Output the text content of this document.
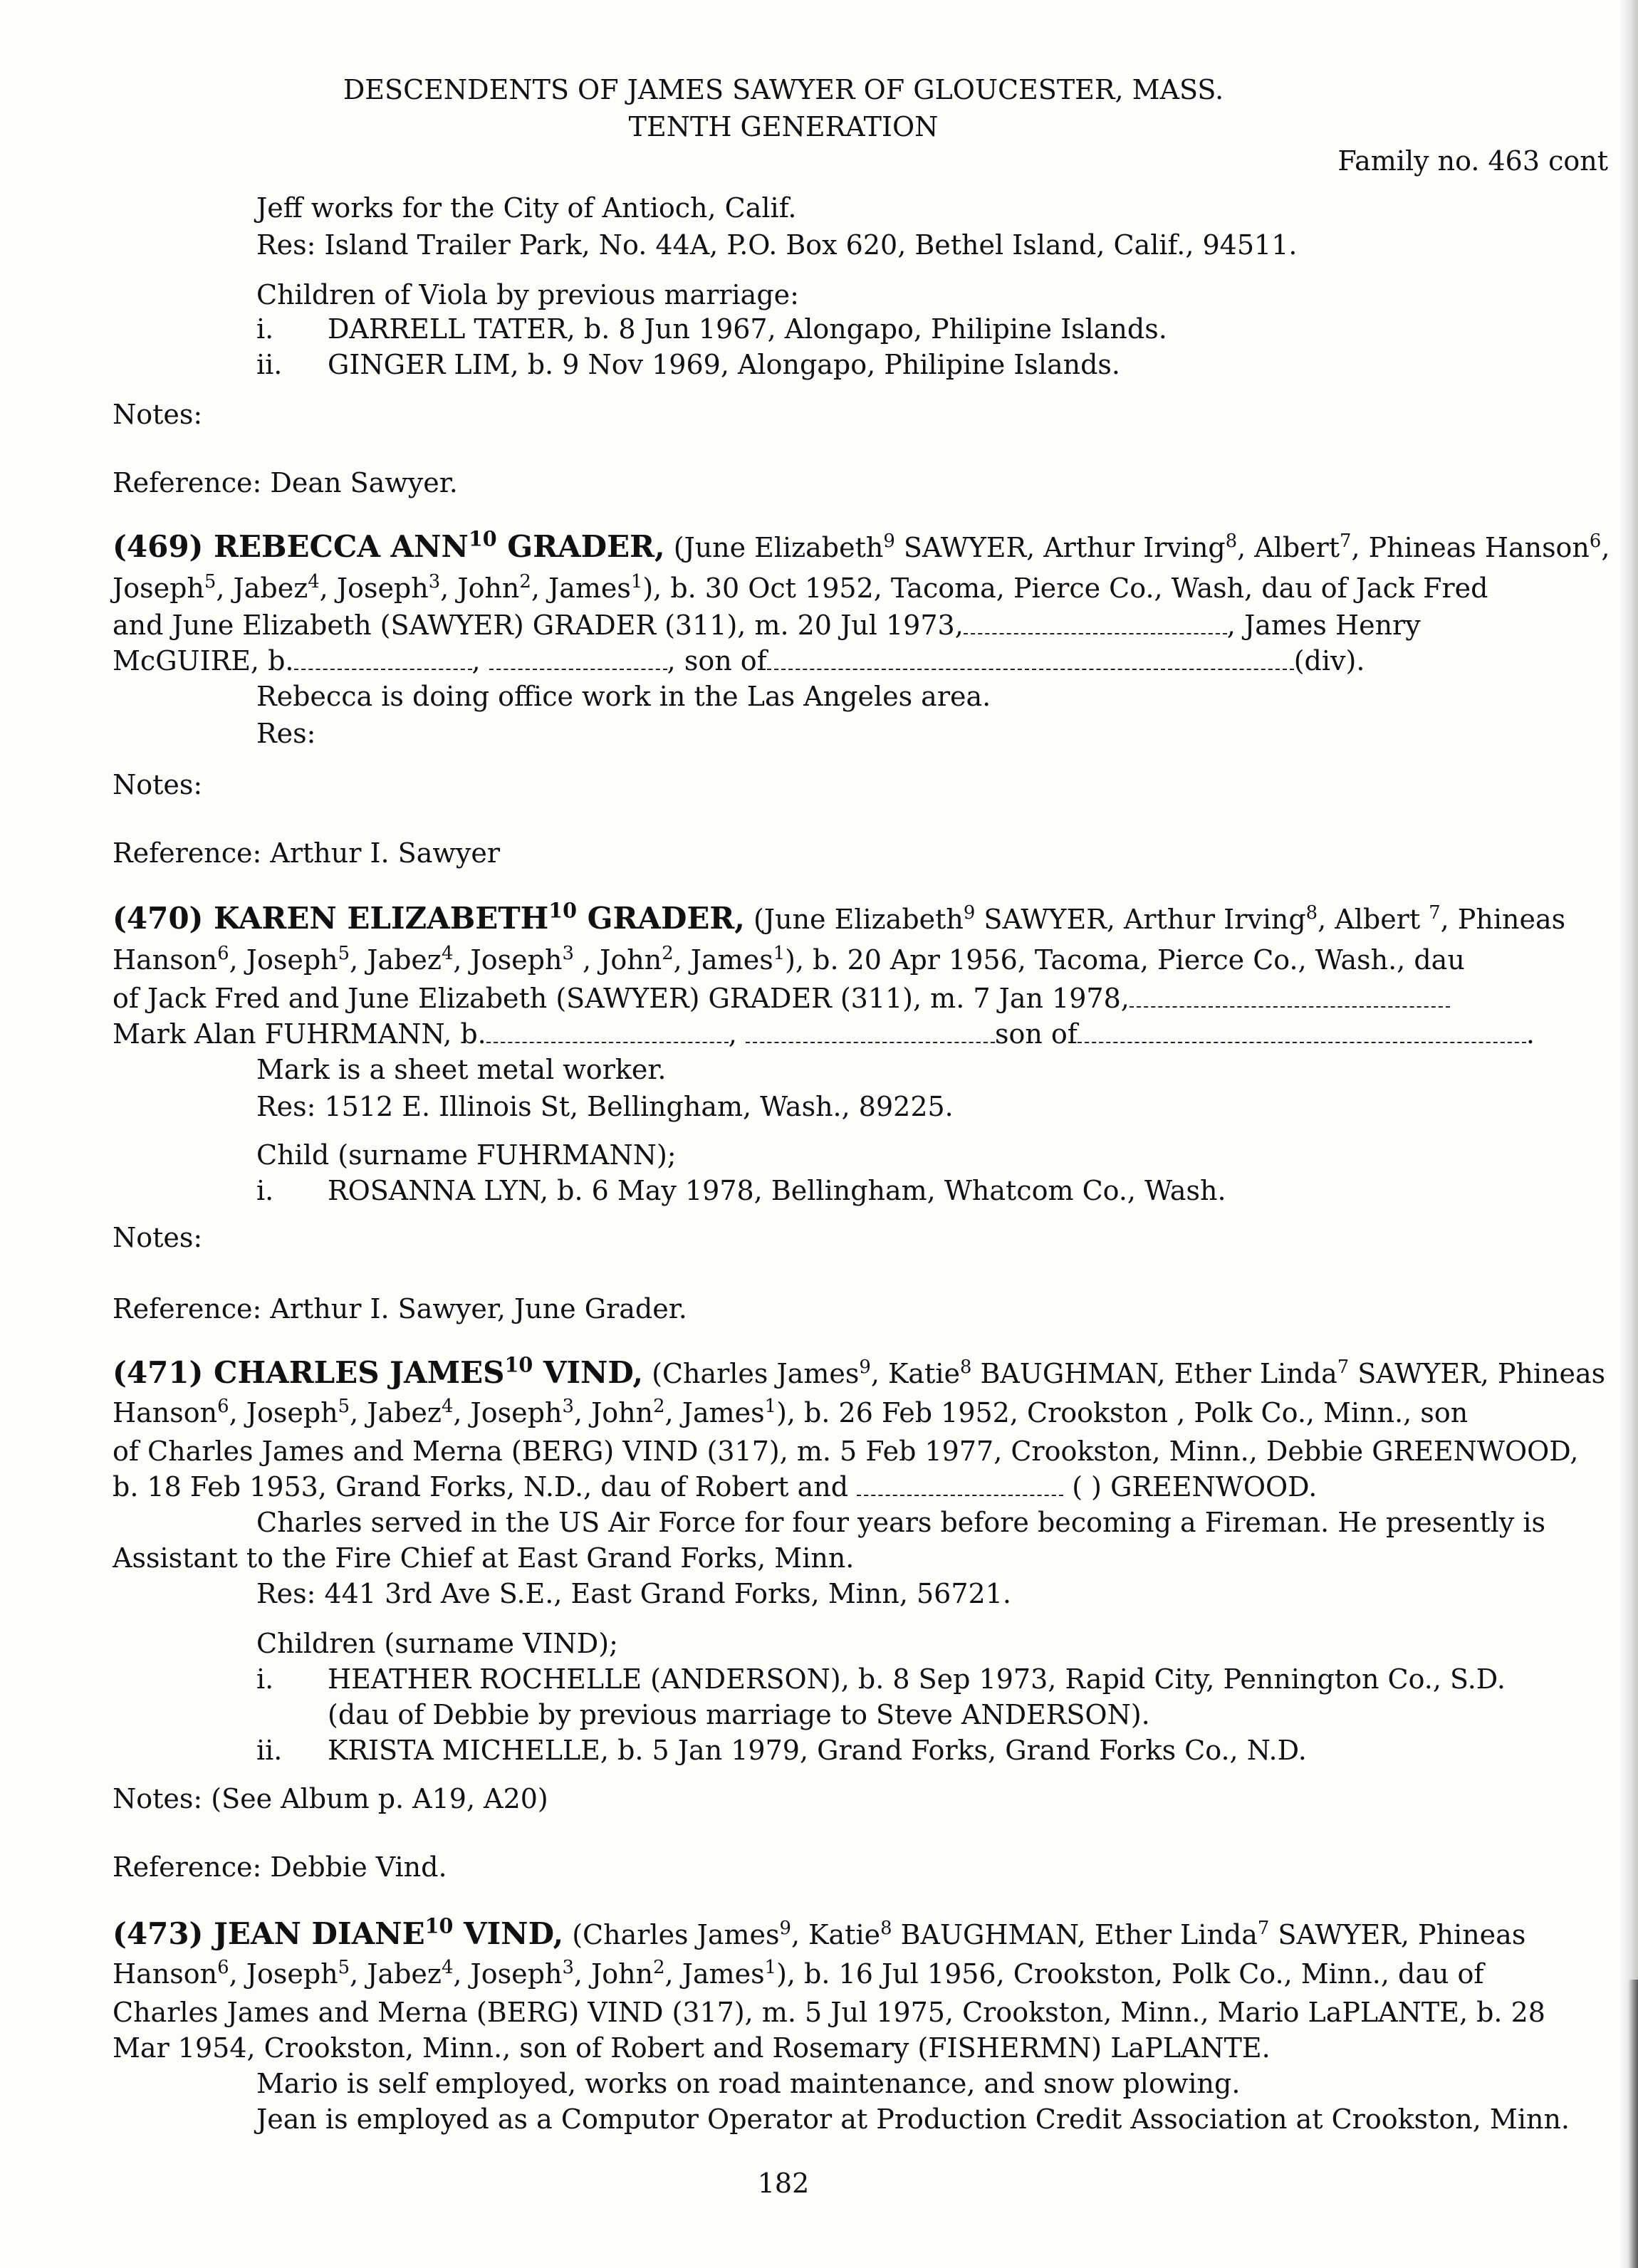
DESCENDENTS OF JAMES SAWYER OF GLOUCESTER, MASS.
TENTH GENERATION
Family no. 463 cont
Jeff works for the City of Antioch, Calif.
Res: Island Trailer Park, No. 44A, P.O. Box 620, Bethel Island, Calif., 94511.
Children of Viola by previous marriage:
i.	DARRELL TATER, b. 8 Jun 1967, Alongapo, Philipine Islands.
ii.	GINGER LIM, b. 9 Nov 1969, Alongapo, Philipine Islands.
Notes:
Reference: Dean Sawyer.
(469) REBECCA ANN$^{10}$ GRADER, (June Elizabeth$^9$ SAWYER, Arthur Irving$^8$, Albert$^7$, Phineas Hanson$^6$,
Joseph$^5$, Jabez$^4$, Joseph$^3$, John$^2$, James$^1$), b. 30 Oct 1952, Tacoma, Pierce Co., Wash, dau of Jack Fred
and June Elizabeth (SAWYER) GRADER (311), m. 20 Jul 1973,	, James Henry
McGUIRE, b.	,	, son of	(div).
Rebecca is doing office work in the Las Angeles area.
Res:
Notes:
Reference: Arthur I. Sawyer
(470) KAREN ELIZABETH$^{10}$ GRADER, (June Elizabeth$^9$ SAWYER, Arthur Irving$^8$, Albert $^7$, Phineas
Hanson$^6$, Joseph$^5$, Jabez$^4$, Joseph$^3$ , John$^2$, James$^1$), b. 20 Apr 1956, Tacoma, Pierce Co., Wash., dau
of Jack Fred and June Elizabeth (SAWYER) GRADER (311), m. 7 Jan 1978,
Mark Alan FUHRMANN, b.	,	son of	.
Mark is a sheet metal worker.
Res: 1512 E. Illinois St, Bellingham, Wash., 89225.
Child (surname FUHRMANN);
i.	ROSANNA LYN, b. 6 May 1978, Bellingham, Whatcom Co., Wash.
Notes:
Reference: Arthur I. Sawyer, June Grader.
(471) CHARLES JAMES$^{10}$ VIND, (Charles James$^9$, Katie$^8$ BAUGHMAN, Ether Linda$^7$ SAWYER, Phineas
Hanson$^6$, Joseph$^5$, Jabez$^4$, Joseph$^3$, John$^2$, James$^1$), b. 26 Feb 1952, Crookston , Polk Co., Minn., son
of Charles James and Merna (BERG) VIND (317), m. 5 Feb 1977, Crookston, Minn., Debbie GREENWOOD,
b. 18 Feb 1953, Grand Forks, N.D., dau of Robert and	( ) GREENWOOD.
Charles served in the US Air Force for four years before becoming a Fireman. He presently is
Assistant to the Fire Chief at East Grand Forks, Minn.
Res: 441 3rd Ave S.E., East Grand Forks, Minn, 56721.
Children (surname VIND);
i.	HEATHER ROCHELLE (ANDERSON), b. 8 Sep 1973, Rapid City, Pennington Co., S.D.
(dau of Debbie by previous marriage to Steve ANDERSON).
ii.	KRISTA MICHELLE, b. 5 Jan 1979, Grand Forks, Grand Forks Co., N.D.
Notes: (See Album p. A19, A20)
Reference: Debbie Vind.
(473) JEAN DIANE$^{10}$ VIND, (Charles James$^9$, Katie$^8$ BAUGHMAN, Ether Linda$^7$ SAWYER, Phineas
Hanson$^6$, Joseph$^5$, Jabez$^4$, Joseph$^3$, John$^2$, James$^1$), b. 16 Jul 1956, Crookston, Polk Co., Minn., dau of
Charles James and Merna (BERG) VIND (317), m. 5 Jul 1975, Crookston, Minn., Mario LaPLANTE, b. 28
Mar 1954, Crookston, Minn., son of Robert and Rosemary (FISHERMN) LaPLANTE.
Mario is self employed, works on road maintenance, and snow plowing.
Jean is employed as a Computor Operator at Production Credit Association at Crookston, Minn.
182
